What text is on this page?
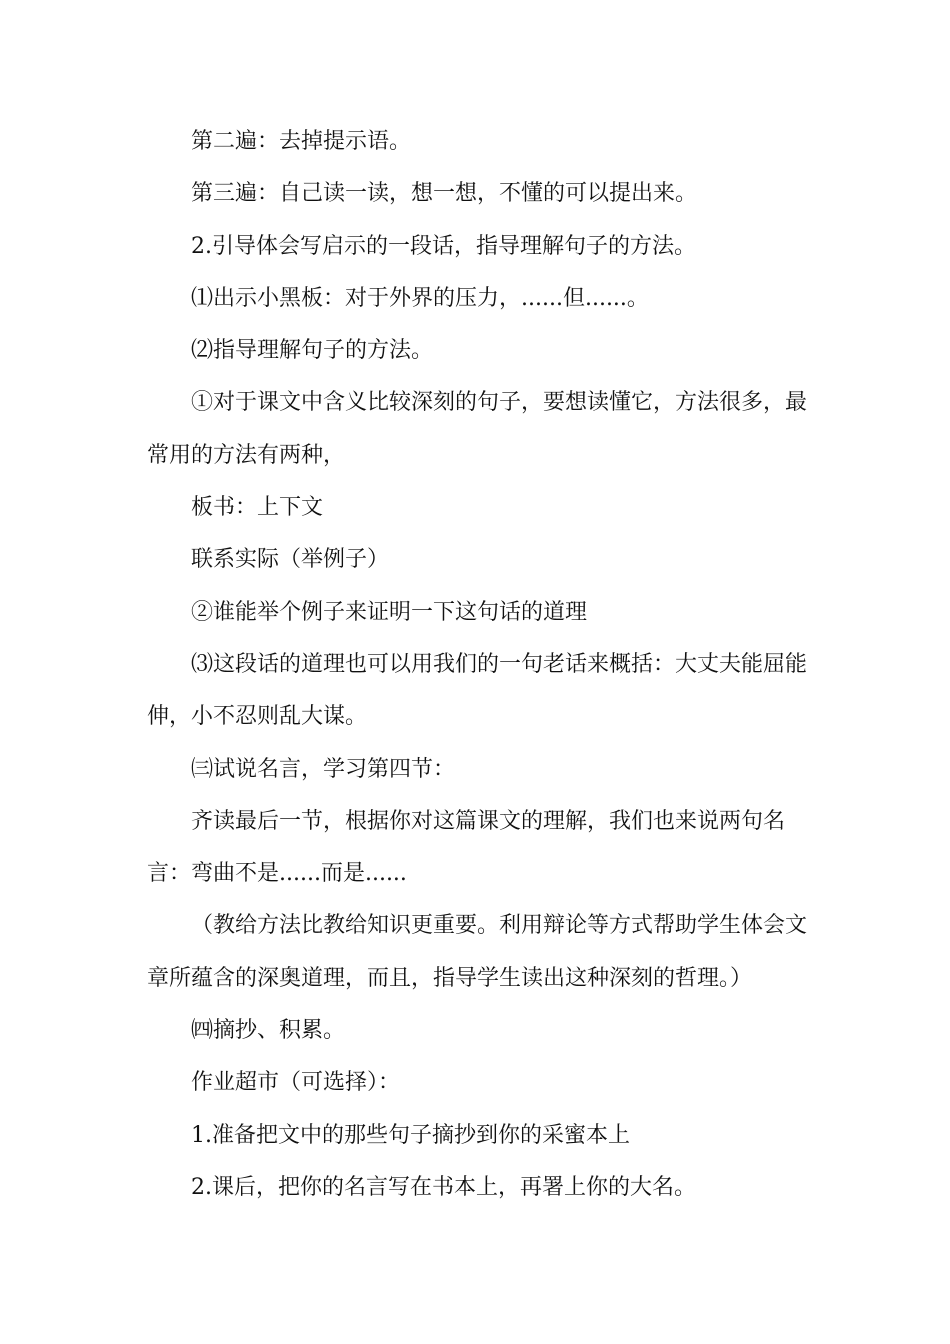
第二遍：去掉提示语。

第三遍：自己读一读，想一想，不懂的可以提出来。

2.引导体会写启示的一段话，指导理解句子的方法。

⑴出示小黑板：对于外界的压力，......但......。

⑵指导理解句子的方法。

①对于课文中含义比较深刻的句子，要想读懂它，方法很多，最常用的方法有两种，

板书：上下文

联系实际（举例子）

②谁能举个例子来证明一下这句话的道理

⑶这段话的道理也可以用我们的一句老话来概括：大丈夫能屈能伸，小不忍则乱大谋。

㈢试说名言，学习第四节：

齐读最后一节，根据你对这篇课文的理解，我们也来说两句名言：弯曲不是......而是......

（教给方法比教给知识更重要。利用辩论等方式帮助学生体会文章所蕴含的深奥道理，而且，指导学生读出这种深刻的哲理。）

㈣摘抄、积累。

作业超市（可选择）：

1.准备把文中的那些句子摘抄到你的采蜜本上

2.课后，把你的名言写在书本上，再署上你的大名。
